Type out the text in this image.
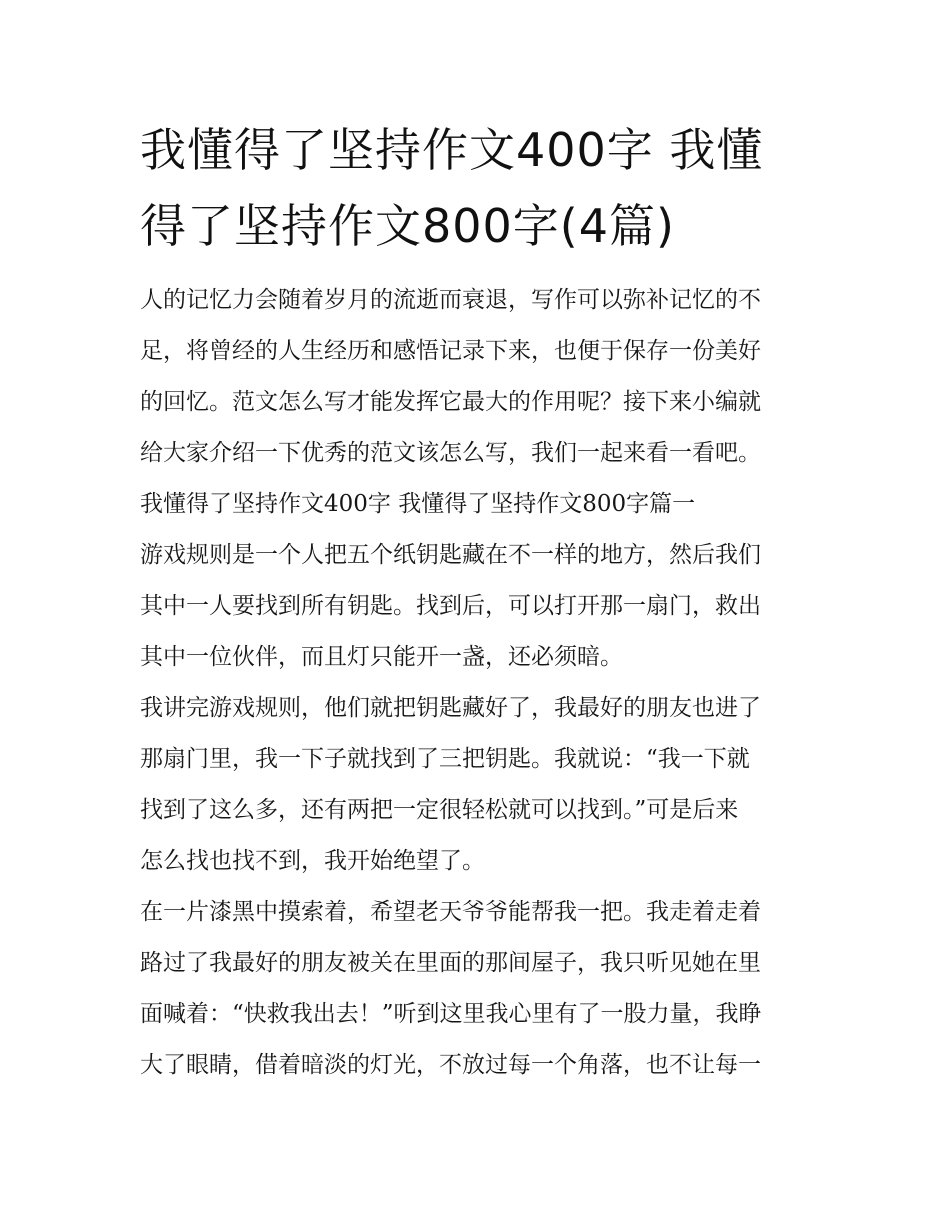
我懂得了坚持作文400字 我懂
得了坚持作文800字(4篇)

人的记忆力会随着岁月的流逝而衰退，写作可以弥补记忆的不

足，将曾经的人生经历和感悟记录下来，也便于保存一份美好

的回忆。范文怎么写才能发挥它最大的作用呢？接下来小编就

给大家介绍一下优秀的范文该怎么写，我们一起来看一看吧。

我懂得了坚持作文400字 我懂得了坚持作文800字篇一

游戏规则是一个人把五个纸钥匙藏在不一样的地方，然后我们

其中一人要找到所有钥匙。找到后，可以打开那一扇门，救出

其中一位伙伴，而且灯只能开一盏，还必须暗。

我讲完游戏规则，他们就把钥匙藏好了，我最好的朋友也进了

那扇门里，我一下子就找到了三把钥匙。我就说：“我一下就

找到了这么多，还有两把一定很轻松就可以找到。”可是后来

怎么找也找不到，我开始绝望了。

在一片漆黑中摸索着，希望老天爷爷能帮我一把。我走着走着

路过了我最好的朋友被关在里面的那间屋子，我只听见她在里

面喊着：“快救我出去！”听到这里我心里有了一股力量，我睁

大了眼睛，借着暗淡的灯光，不放过每一个角落，也不让每一
